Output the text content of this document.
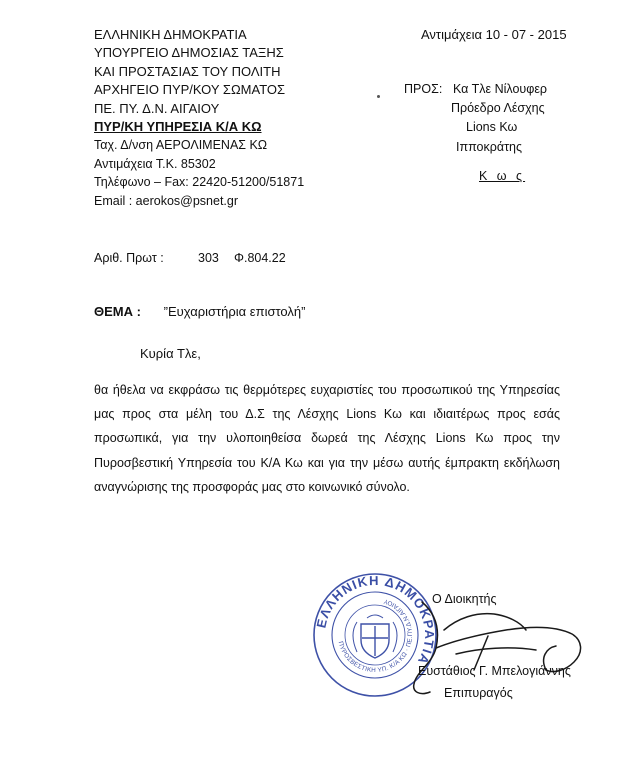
ΕΛΛΗΝΙΚΗ ΔΗΜΟΚΡΑΤΙΑ
ΥΠΟΥΡΓΕΙΟ ΔΗΜΟΣΙΑΣ ΤΑΞΗΣ
ΚΑΙ ΠΡΟΣΤΑΣΙΑΣ ΤΟΥ ΠΟΛΙΤΗ
ΑΡΧΗΓΕΙΟ ΠΥΡ/ΚΟΥ ΣΩΜΑΤΟΣ
ΠΕ. ΠΥ. Δ.Ν. ΑΙΓΑΙΟΥ
ΠΥΡ/ΚΗ ΥΠΗΡΕΣΙΑ Κ/Α ΚΩ
Ταχ. Δ/νση ΑΕΡΟΛΙΜΕΝΑΣ ΚΩ
Αντιμάχεια Τ.Κ. 85302
Τηλέφωνο – Fax: 22420-51200/51871
Email : aerokos@psnet.gr
Αντιμάχεια 10 - 07 - 2015
ΠΡΟΣ: Κα Τλε Νίλουφερ
Πρόεδρο Λέσχης
Lions Κω
Ιπποκράτης
Κ ω ς
Αριθ. Πρωτ :	303 Φ.804.22
ΘΕΜΑ : ”Ευχαριστήρια επιστολή”
Κυρία Τλε,

θα ήθελα να εκφράσω τις θερμότερες ευχαριστίες του προσωπικού της Υπηρεσίας μας προς στα μέλη του Δ.Σ της Λέσχης Lions Κω και ιδιαιτέρως προς εσάς προσωπικά, για την υλοποιηθείσα δωρεά της Λέσχης Lions Κω προς την Πυροσβεστική Υπηρεσία του Κ/Α Κω και για την μέσω αυτής έμπρακτη εκδήλωση αναγνώρισης της προσφοράς μας στο κοινωνικό σύνολο.

ΕΛΛΗΝΙΚΗ ΔΗΜΟΚΡΑΤΙΑ
ΠΥΡΟΣΒΕΣΤΙΚΗ ΥΠ. Κ/Α ΚΩ · ΠΕ.ΠΥ.Δ.Ν.ΑΙΓΑΙΟΥ	Ο Διοικητής
Ευστάθιος Γ. Μπελογιάννης
Επιπυραγός
